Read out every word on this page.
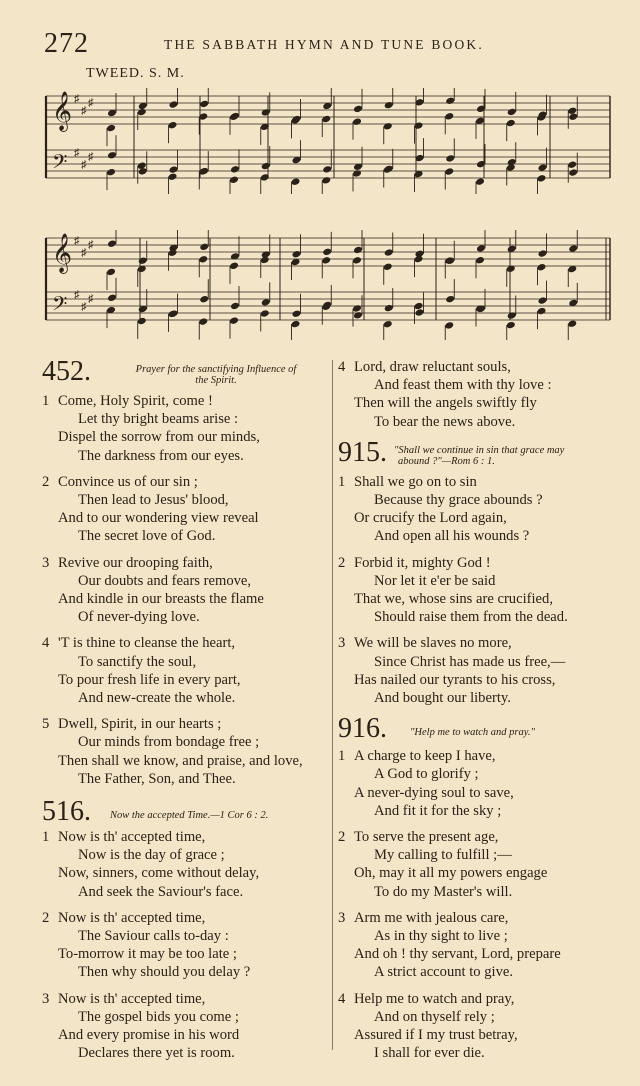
272	THE SABBATH HYMN AND TUNE BOOK.
TWEED. S. M.
𝄞 ♯
♯
♯
𝄢 ♯
♯
♯
𝄞 ♯
♯
♯
𝄢 ♯
♯
♯
452.	Prayer for the sanctifying Influence of
the Spirit.
1 Come, Holy Spirit, come !
Let thy bright beams arise :
Dispel the sorrow from our minds,
The darkness from our eyes.
2 Convince us of our sin ;
Then lead to Jesus' blood,
And to our wondering view reveal
The secret love of God.
3 Revive our drooping faith,
Our doubts and fears remove,
And kindle in our breasts the flame
Of never-dying love.
4 'T is thine to cleanse the heart,
To sanctify the soul,
To pour fresh life in every part,
And new-create the whole.
5 Dwell, Spirit, in our hearts ;
Our minds from bondage free ;
Then shall we know, and praise, and love,
The Father, Son, and Thee.
516. Now the accepted Time.—1 Cor 6 : 2.
1 Now is th' accepted time,
Now is the day of grace ;
Now, sinners, come without delay,
And seek the Saviour's face.
2 Now is th' accepted time,
The Saviour calls to-day :
To-morrow it may be too late ;
Then why should you delay ?
3 Now is th' accepted time,
The gospel bids you come ;
And every promise in his word
Declares there yet is room.
4 Lord, draw reluctant souls,
And feast them with thy love :
Then will the angels swiftly fly
To bear the news above.
915. "Shall we continue in sin that grace may
abound ?"—Rom 6 : 1.
1 Shall we go on to sin
Because thy grace abounds ?
Or crucify the Lord again,
And open all his wounds ?
2 Forbid it, mighty God !
Nor let it e'er be said
That we, whose sins are crucified,
Should raise them from the dead.
3 We will be slaves no more,
Since Christ has made us free,—
Has nailed our tyrants to his cross,
And bought our liberty.
916. "Help me to watch and pray."
1 A charge to keep I have,
A God to glorify ;
A never-dying soul to save,
And fit it for the sky ;
2 To serve the present age,
My calling to fulfill ;—
Oh, may it all my powers engage
To do my Master's will.
3 Arm me with jealous care,
As in thy sight to live ;
And oh ! thy servant, Lord, prepare
A strict account to give.
4 Help me to watch and pray,
And on thyself rely ;
Assured if I my trust betray,
I shall for ever die.
